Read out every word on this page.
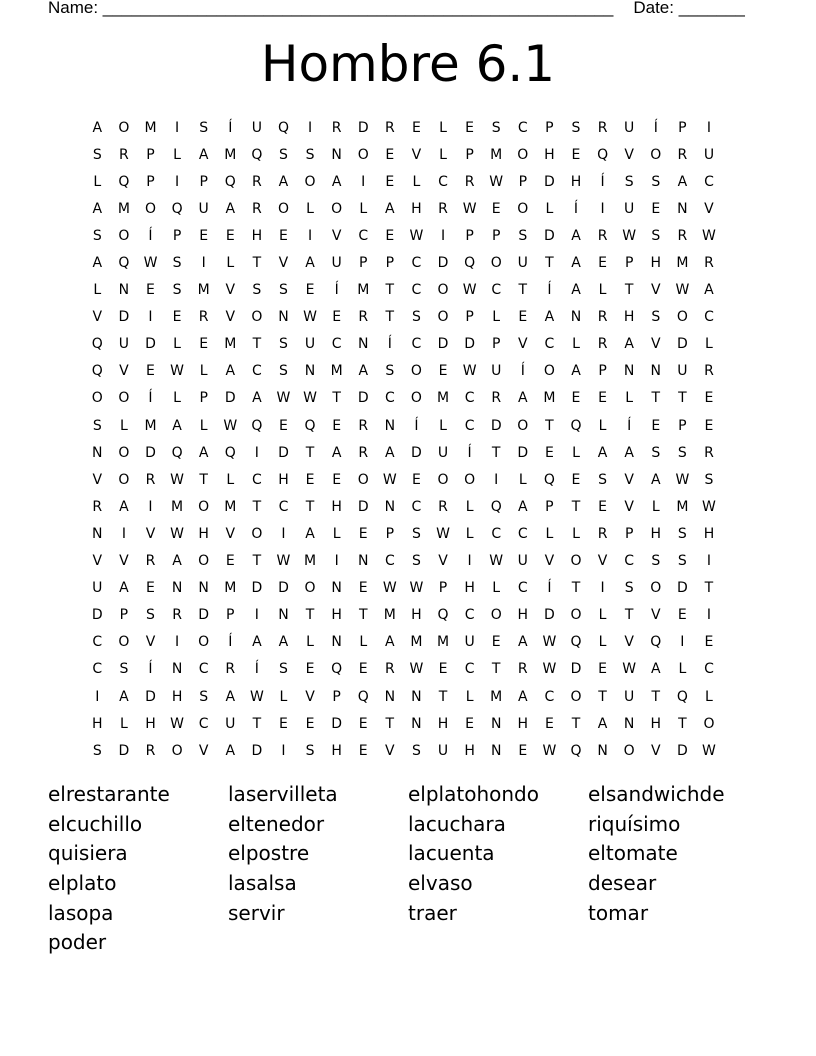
Name: ______________________________________________________ Date: _______
Hombre 6.1
A	O	M	I	S	Í	U	Q	I	R	D	R	E	L	E	S	C	P	S	R	U	Í	P	I
S	R	P	L	A	M	Q	S	S	N	O	E	V	L	P	M	O	H	E	Q	V	O	R	U
L	Q	P	I	P	Q	R	A	O	A	I	E	L	C	R	W	P	D	H	Í	S	S	A	C
A	M	O	Q	U	A	R	O	L	O	L	A	H	R	W	E	O	L	Í	I	U	E	N	V
S	O	Í	P	E	E	H	E	I	V	C	E	W	I	P	P	S	D	A	R	W	S	R	W
A	Q	W	S	I	L	T	V	A	U	P	P	C	D	Q	O	U	T	A	E	P	H	M	R
L	N	E	S	M	V	S	S	E	Í	M	T	C	O	W	C	T	Í	A	L	T	V	W	A
V	D	I	E	R	V	O	N	W	E	R	T	S	O	P	L	E	A	N	R	H	S	O	C
Q	U	D	L	E	M	T	S	U	C	N	Í	C	D	D	P	V	C	L	R	A	V	D	L
Q	V	E	W	L	A	C	S	N	M	A	S	O	E	W	U	Í	O	A	P	N	N	U	R
O	O	Í	L	P	D	A	W W	T	D	C	O	M	C	R	A	M	E	E	L	T	T	E
S	L	M	A	L	W	Q	E	Q	E	R	N	Í	L	C	D	O	T	Q	L	Í	E	P	E
N	O	D	Q	A	Q	I	D	T	A	R	A	D	U	Í	T	D	E	L	A	A	S	S	R
V	O	R	W	T	L	C	H	E	E	O	W	E	O	O	I	L	Q	E	S	V	A	W	S
R	A	I	M	O	M	T	C	T	H	D	N	C	R	L	Q	A	P	T	E	V	L	M W
N	I	V	W	H	V	O	I	A	L	E	P	S	W	L	C	C	L	L	R	P	H	S	H
V	V	R	A	O	E	T	W M	I	N	C	S	V	I	W	U	V	O	V	C	S	S	I
U	A	E	N	N	M	D	D	O	N	E	W W	P	H	L	C	Í	T	I	S	O	D	T
D	P	S	R	D	P	I	N	T	H	T	M	H	Q	C	O	H	D	O	L	T	V	E	I
C	O	V	I	O	Í	A	A	L	N	L	A	M	M	U	E	A	W	Q	L	V	Q	I	E
C	S	Í	N	C	R	Í	S	E	Q	E	R	W	E	C	T	R	W	D	E	W	A	L	C
I	A	D	H	S	A	W	L	V	P	Q	N	N	T	L	M	A	C	O	T	U	T	Q	L
H	L	H	W	C	U	T	E	E	D	E	T	N	H	E	N	H	E	T	A	N	H	T	O
S	D	R	O	V	A	D	I	S	H	E	V	S	U	H	N	E	W	Q	N	O	V	D	W
elrestarante	laservilleta	elplatohondo	elsandwichde
elcuchillo	eltenedor	lacuchara	riquísimo
quisiera	elpostre	lacuenta	eltomate
elplato	lasalsa	elvaso	desear
lasopa	servir	traer	tomar
poder
